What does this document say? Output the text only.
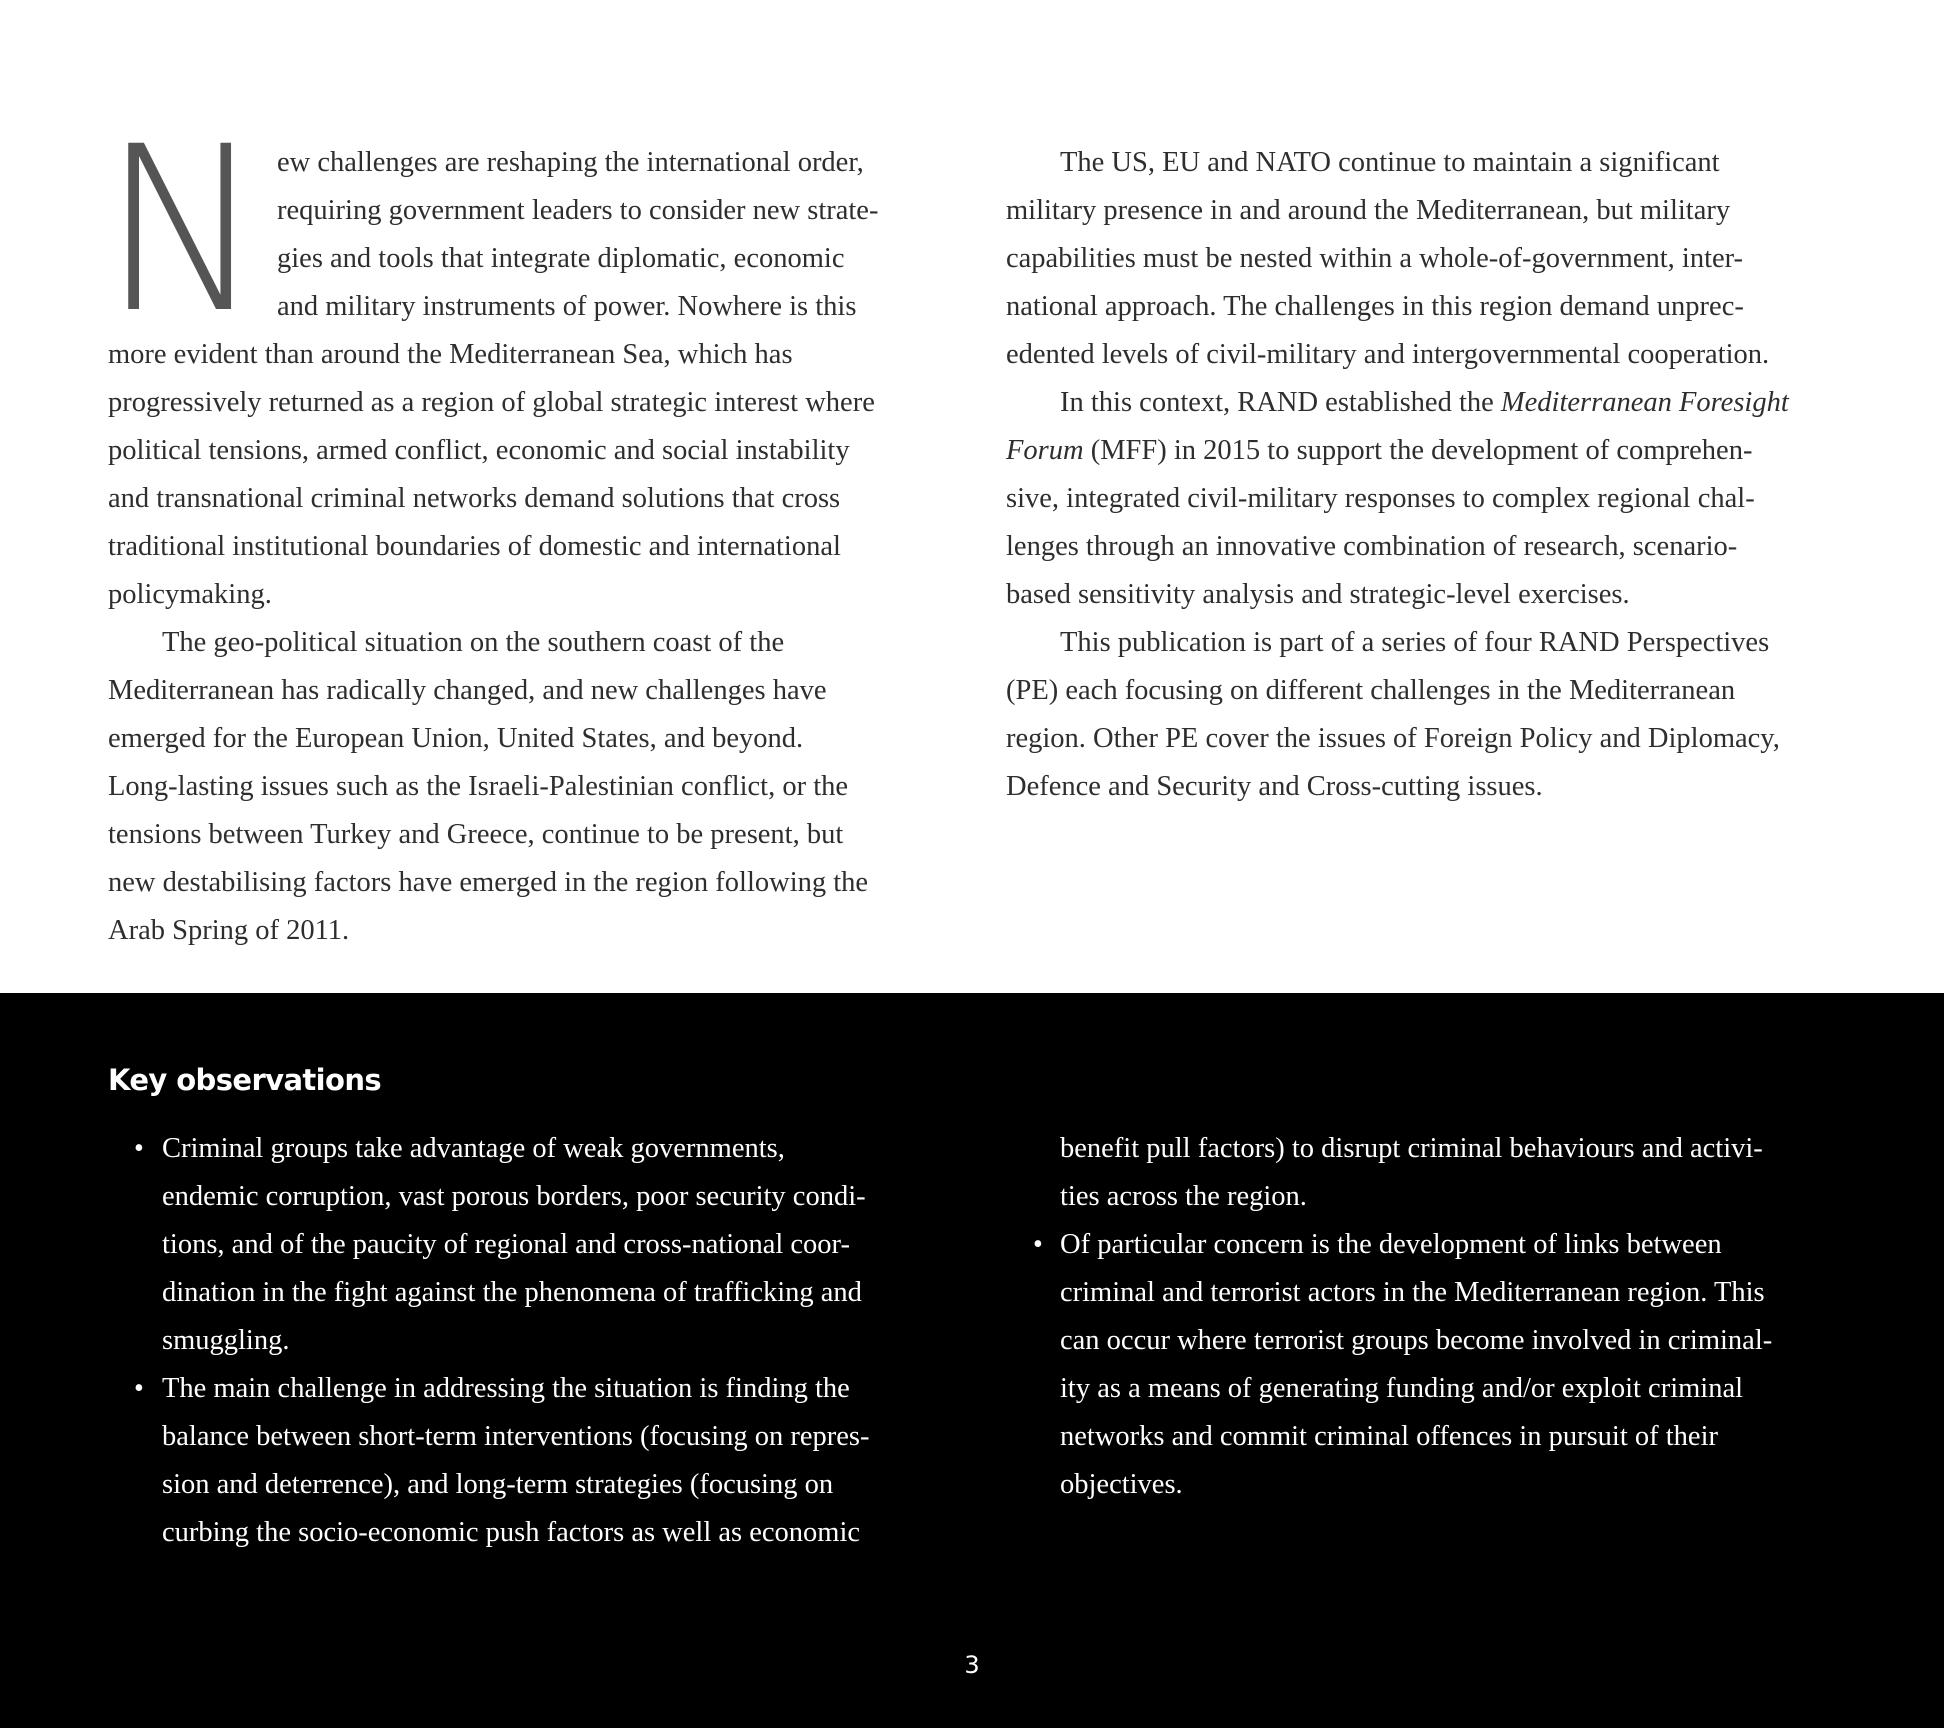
N ew challenges are reshaping the international order,
requiring government leaders to consider new strate-
gies and tools that integrate diplomatic, economic
and military instruments of power. Nowhere is this
more evident than around the Mediterranean Sea, which has
progressively returned as a region of global strategic interest where
political tensions, armed conflict, economic and social instability
and transnational criminal networks demand solutions that cross
traditional institutional boundaries of domestic and international
policymaking.
The geo-political situation on the southern coast of the
Mediterranean has radically changed, and new challenges have
emerged for the European Union, United States, and beyond.
Long-lasting issues such as the Israeli-Palestinian conflict, or the
tensions between Turkey and Greece, continue to be present, but
new destabilising factors have emerged in the region following the
Arab Spring of 2011.
The US, EU and NATO continue to maintain a significant
military presence in and around the Mediterranean, but military
capabilities must be nested within a whole-of-government, inter-
national approach. The challenges in this region demand unprec-
edented levels of civil-military and intergovernmental cooperation.
In this context, RAND established the Mediterranean Foresight
Forum (MFF) in 2015 to support the development of comprehen-
sive, integrated civil-military responses to complex regional chal-
lenges through an innovative combination of research, scenario-
based sensitivity analysis and strategic-level exercises.
This publication is part of a series of four RAND Perspectives
(PE) each focusing on different challenges in the Mediterranean
region. Other PE cover the issues of Foreign Policy and Diplomacy,
Defence and Security and Cross-cutting issues.
Key observations
• Criminal groups take advantage of weak governments,
endemic corruption, vast porous borders, poor security condi-
tions, and of the paucity of regional and cross-national coor-
dination in the fight against the phenomena of trafficking and
smuggling.
• The main challenge in addressing the situation is finding the
balance between short-term interventions (focusing on repres-
sion and deterrence), and long-term strategies (focusing on
curbing the socio-economic push factors as well as economic
benefit pull factors) to disrupt criminal behaviours and activi-
ties across the region.
• Of particular concern is the development of links between
criminal and terrorist actors in the Mediterranean region. This
can occur where terrorist groups become involved in criminal-
ity as a means of generating funding and/or exploit criminal
networks and commit criminal offences in pursuit of their
objectives.
3
